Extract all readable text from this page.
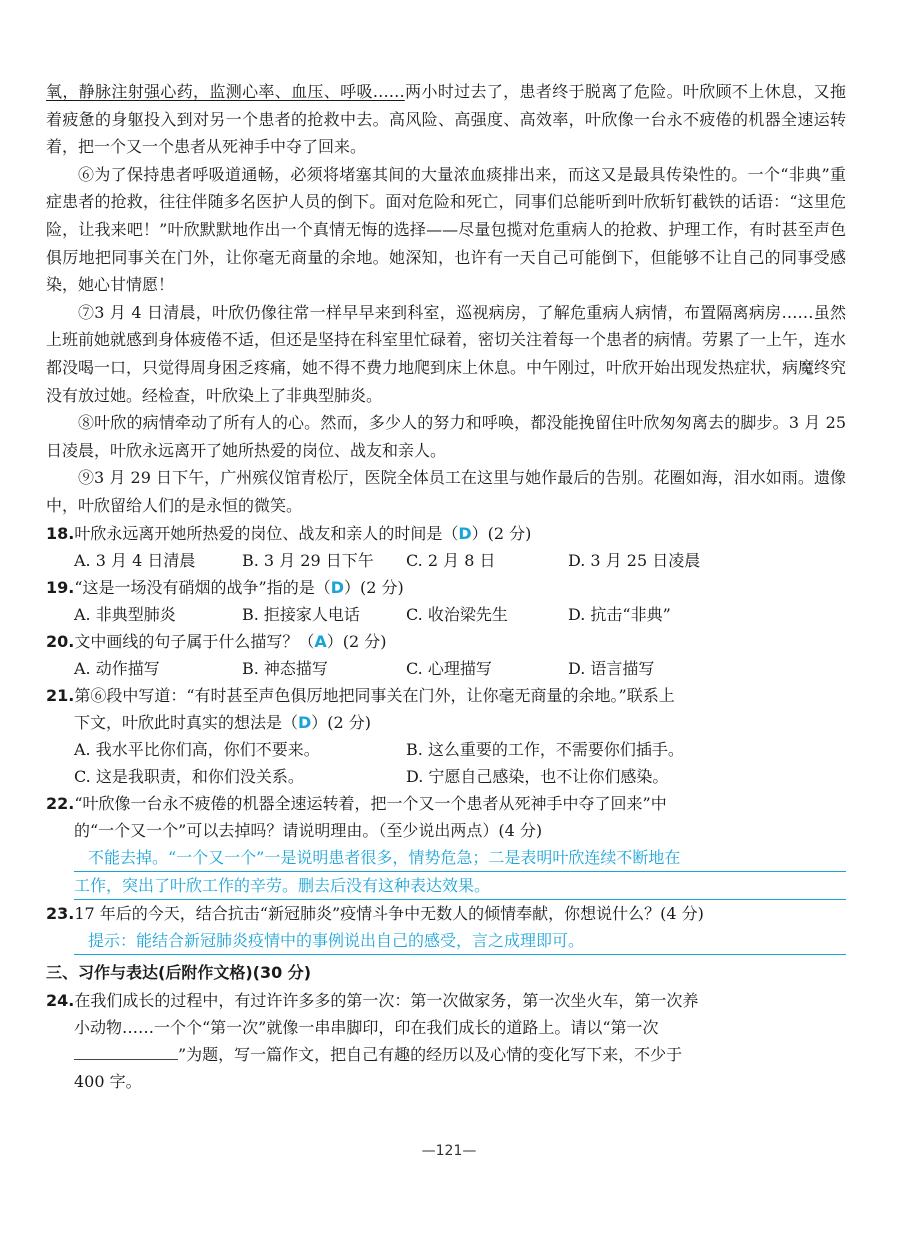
氧，静脉注射强心药，监测心率、血压、呼吸……两小时过去了，患者终于脱离了危险。叶欣顾不上休息，又拖着疲惫的身躯投入到对另一个患者的抢救中去。高风险、高强度、高效率，叶欣像一台永不疲倦的机器全速运转着，把一个又一个患者从死神手中夺了回来。

⑥为了保持患者呼吸道通畅，必须将堵塞其间的大量浓血痰排出来，而这又是最具传染性的。一个“非典”重症患者的抢救，往往伴随多名医护人员的倒下。面对危险和死亡，同事们总能听到叶欣斩钉截铁的话语：“这里危险，让我来吧！”叶欣默默地作出一个真情无悔的选择——尽量包揽对危重病人的抢救、护理工作，有时甚至声色俱厉地把同事关在门外，让你毫无商量的余地。她深知，也许有一天自己可能倒下，但能够不让自己的同事受感染，她心甘情愿！

⑦3 月 4 日清晨，叶欣仍像往常一样早早来到科室，巡视病房，了解危重病人病情，布置隔离病房……虽然上班前她就感到身体疲倦不适，但还是坚持在科室里忙碌着，密切关注着每一个患者的病情。劳累了一上午，连水都没喝一口，只觉得周身困乏疼痛，她不得不费力地爬到床上休息。中午刚过，叶欣开始出现发热症状，病魔终究没有放过她。经检查，叶欣染上了非典型肺炎。

⑧叶欣的病情牵动了所有人的心。然而，多少人的努力和呼唤，都没能挽留住叶欣匆匆离去的脚步。3 月 25 日凌晨，叶欣永远离开了她所热爱的岗位、战友和亲人。

⑨3 月 29 日下午，广州殡仪馆青松厅，医院全体员工在这里与她作最后的告别。花圈如海，泪水如雨。遗像中，叶欣留给人们的是永恒的微笑。

18.叶欣永远离开她所热爱的岗位、战友和亲人的时间是（D）(2 分)

A. 3 月 4 日清晨	B. 3 月 29 日下午	C. 2 月 8 日	D. 3 月 25 日凌晨

19.“这是一场没有硝烟的战争”指的是（D）(2 分)

A. 非典型肺炎	B. 拒接家人电话	C. 收治梁先生	D. 抗击“非典”

20.文中画线的句子属于什么描写？（A）(2 分)

A. 动作描写	B. 神态描写	C. 心理描写	D. 语言描写

21.第⑥段中写道：“有时甚至声色俱厉地把同事关在门外，让你毫无商量的余地。”联系上

下文，叶欣此时真实的想法是（D）(2 分)

A. 我水平比你们高，你们不要来。	B. 这么重要的工作，不需要你们插手。
C. 这是我职责，和你们没关系。	D. 宁愿自己感染，也不让你们感染。

22.“叶欣像一台永不疲倦的机器全速运转着，把一个又一个患者从死神手中夺了回来”中

的“一个又一个”可以去掉吗？请说明理由。（至少说出两点）(4 分)

不能去掉。“一个又一个”一是说明患者很多，情势危急；二是表明叶欣连续不断地在
工作，突出了叶欣工作的辛劳。删去后没有这种表达效果。

23.17 年后的今天，结合抗击“新冠肺炎”疫情斗争中无数人的倾情奉献，你想说什么？(4 分)

提示：能结合新冠肺炎疫情中的事例说出自己的感受，言之成理即可。

三、习作与表达(后附作文格)(30 分)

24.在我们成长的过程中，有过许许多多的第一次：第一次做家务，第一次坐火车，第一次养

小动物……一个个“第一次”就像一串串脚印，印在我们成长的道路上。请以“第一次

”为题，写一篇作文，把自己有趣的经历以及心情的变化写下来，不少于

400 字。

—121—
